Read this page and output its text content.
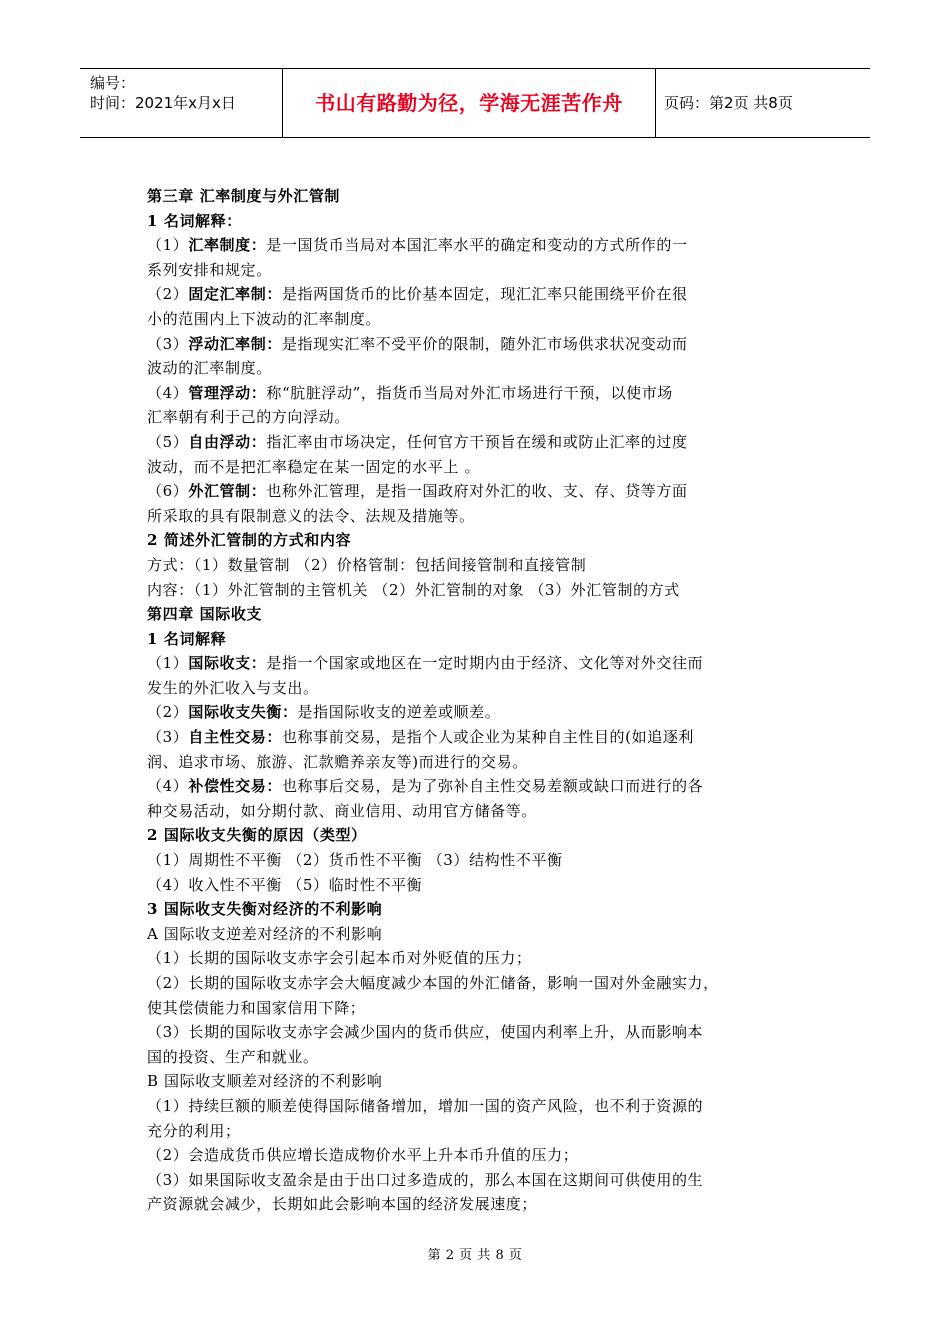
编号：
时间：2021年x月x日	书山有路勤为径，学海无涯苦作舟	页码：第2页 共8页
第三章 汇率制度与外汇管制
1 名词解释：
（1）汇率制度：是一国货币当局对本国汇率水平的确定和变动的方式所作的一
系列安排和规定。
（2）固定汇率制：是指两国货币的比价基本固定，现汇汇率只能围绕平价在很
小的范围内上下波动的汇率制度。
（3）浮动汇率制：是指现实汇率不受平价的限制，随外汇市场供求状况变动而
波动的汇率制度。
（4）管理浮动：称“肮脏浮动”，指货币当局对外汇市场进行干预，以使市场
汇率朝有利于己的方向浮动。
（5）自由浮动：指汇率由市场决定，任何官方干预旨在缓和或防止汇率的过度
波动，而不是把汇率稳定在某一固定的水平上 。
（6）外汇管制：也称外汇管理，是指一国政府对外汇的收、支、存、贷等方面
所采取的具有限制意义的法令、法规及措施等。
2 简述外汇管制的方式和内容
方式：（1）数量管制 （2）价格管制：包括间接管制和直接管制
内容：（1）外汇管制的主管机关 （2）外汇管制的对象 （3）外汇管制的方式
第四章 国际收支
1 名词解释
（1）国际收支：是指一个国家或地区在一定时期内由于经济、文化等对外交往而
发生的外汇收入与支出。
（2）国际收支失衡：是指国际收支的逆差或顺差。
（3）自主性交易：也称事前交易，是指个人或企业为某种自主性目的(如追逐利
润、追求市场、旅游、汇款赡养亲友等)而进行的交易。
（4）补偿性交易：也称事后交易，是为了弥补自主性交易差额或缺口而进行的各
种交易活动，如分期付款、商业信用、动用官方储备等。
2 国际收支失衡的原因（类型）
（1）周期性不平衡 （2）货币性不平衡 （3）结构性不平衡
（4）收入性不平衡 （5）临时性不平衡
3 国际收支失衡对经济的不利影响
A 国际收支逆差对经济的不利影响
（1）长期的国际收支赤字会引起本币对外贬值的压力；
（2）长期的国际收支赤字会大幅度减少本国的外汇储备，影响一国对外金融实力，
使其偿债能力和国家信用下降；
（3）长期的国际收支赤字会减少国内的货币供应，使国内利率上升，从而影响本
国的投资、生产和就业。
B 国际收支顺差对经济的不利影响
（1）持续巨额的顺差使得国际储备增加，增加一国的资产风险，也不利于资源的
充分的利用；
（2）会造成货币供应增长造成物价水平上升本币升值的压力；
（3）如果国际收支盈余是由于出口过多造成的，那么本国在这期间可供使用的生
产资源就会减少，长期如此会影响本国的经济发展速度；
第 2 页 共 8 页
